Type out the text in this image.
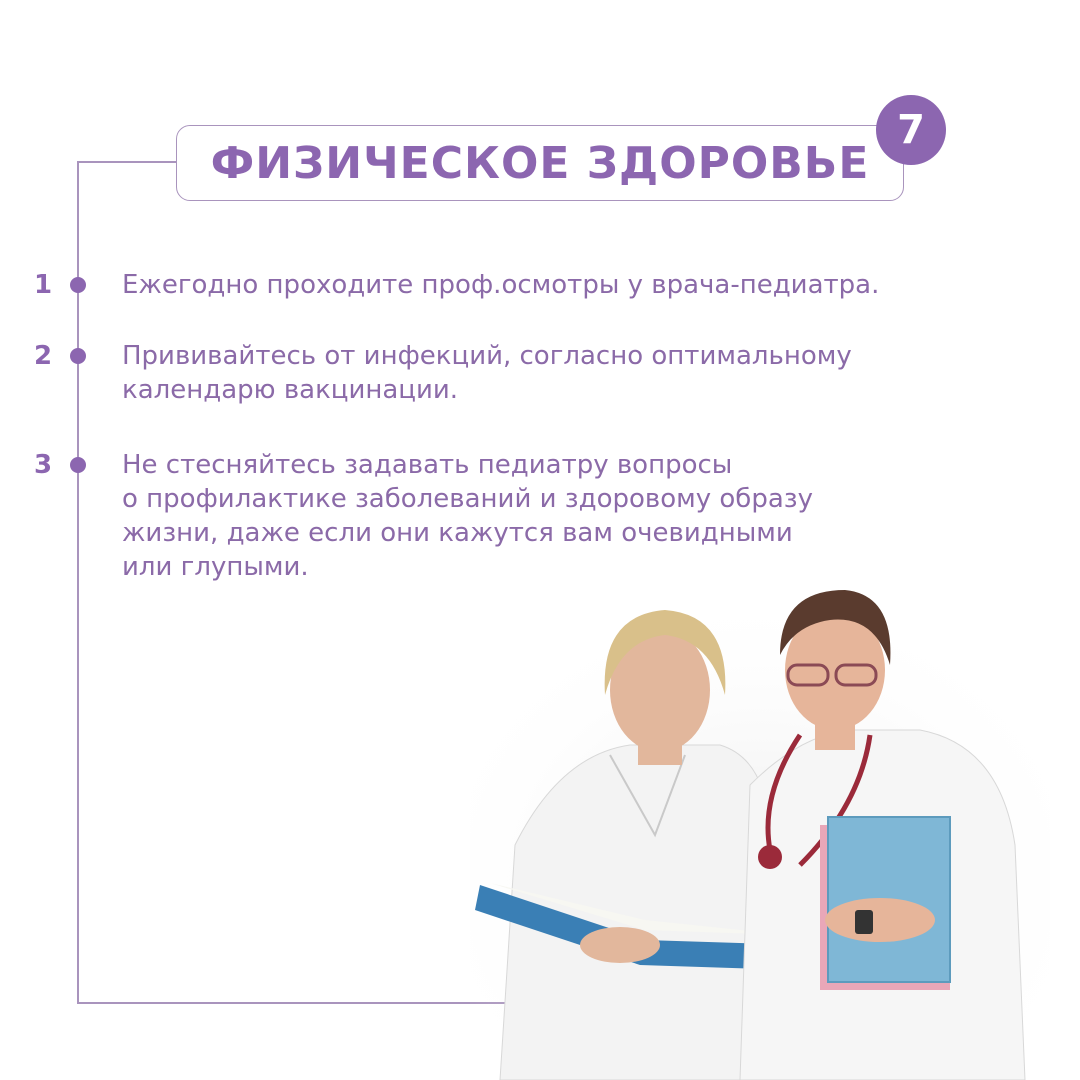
ФИЗИЧЕСКОЕ ЗДОРОВЬЕ
7
1	Ежегодно проходите проф.осмотры у врача-педиатра.
2	Прививайтесь от инфекций, согласно оптимальному
календарю вакцинации.
3	Не стесняйтесь задавать педиатру вопросы
о профилактике заболеваний и здоровому образу
жизни, даже если они кажутся вам очевидными
или глупыми.
